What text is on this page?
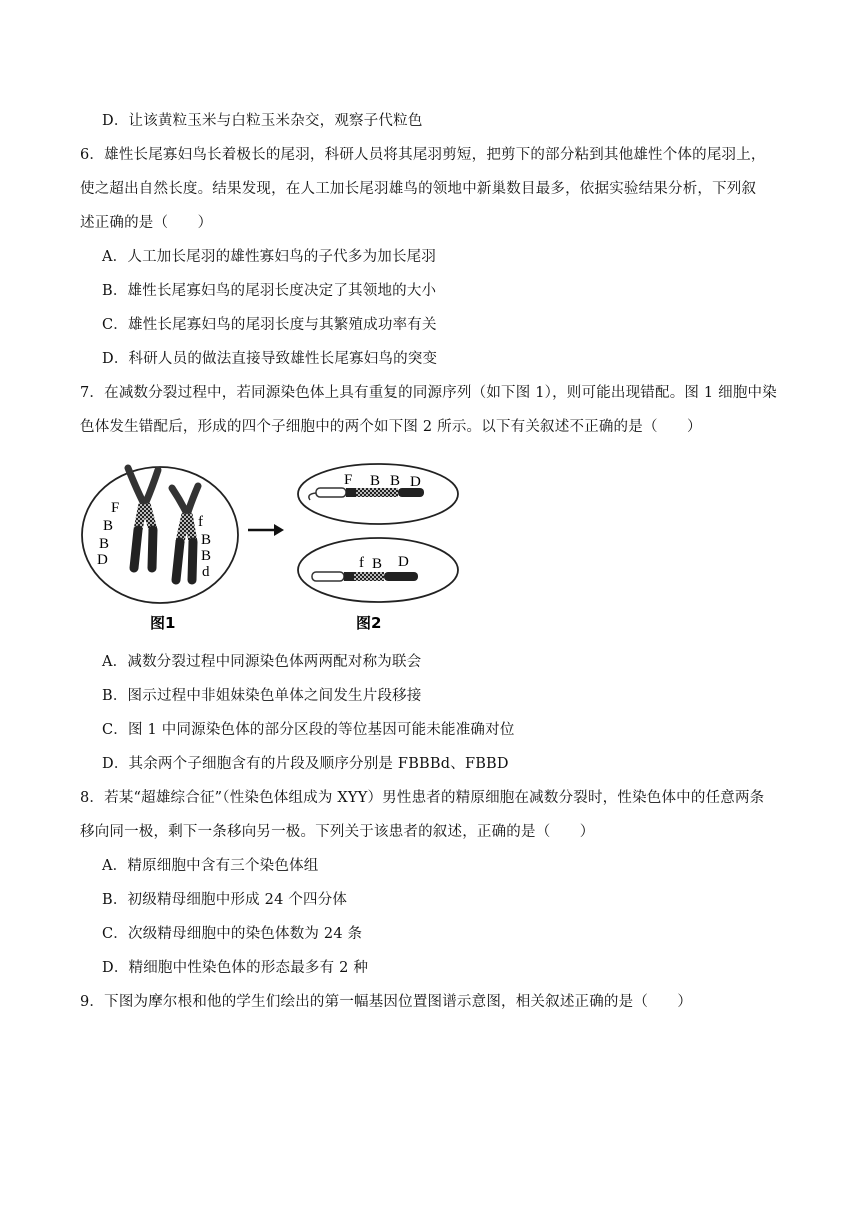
D．让该黄粒玉米与白粒玉米杂交，观察子代粒色
6．雄性长尾寡妇鸟长着极长的尾羽，科研人员将其尾羽剪短，把剪下的部分粘到其他雄性个体的尾羽上，
使之超出自然长度。结果发现，在人工加长尾羽雄鸟的领地中新巢数目最多，依据实验结果分析，下列叙
述正确的是（　　）
A．人工加长尾羽的雄性寡妇鸟的子代多为加长尾羽
B．雄性长尾寡妇鸟的尾羽长度决定了其领地的大小
C．雄性长尾寡妇鸟的尾羽长度与其繁殖成功率有关
D．科研人员的做法直接导致雄性长尾寡妇鸟的突变
7．在减数分裂过程中，若同源染色体上具有重复的同源序列（如下图 1），则可能出现错配。图 1 细胞中染
色体发生错配后，形成的四个子细胞中的两个如下图 2 所示。以下有关叙述不正确的是（　　）
F
B
B
D
f
B
B
d
F B B D
f B D
图1	图2
A．减数分裂过程中同源染色体两两配对称为联会
B．图示过程中非姐妹染色单体之间发生片段移接
C．图 1 中同源染色体的部分区段的等位基因可能未能准确对位
D．其余两个子细胞含有的片段及顺序分别是 FBBBd、FBBD
8．若某“超雄综合征”（性染色体组成为 XYY）男性患者的精原细胞在减数分裂时，性染色体中的任意两条
移向同一极，剩下一条移向另一极。下列关于该患者的叙述，正确的是（　　）
A．精原细胞中含有三个染色体组
B．初级精母细胞中形成 24 个四分体
C．次级精母细胞中的染色体数为 24 条
D．精细胞中性染色体的形态最多有 2 种
9．下图为摩尔根和他的学生们绘出的第一幅基因位置图谱示意图，相关叙述正确的是（　　）
